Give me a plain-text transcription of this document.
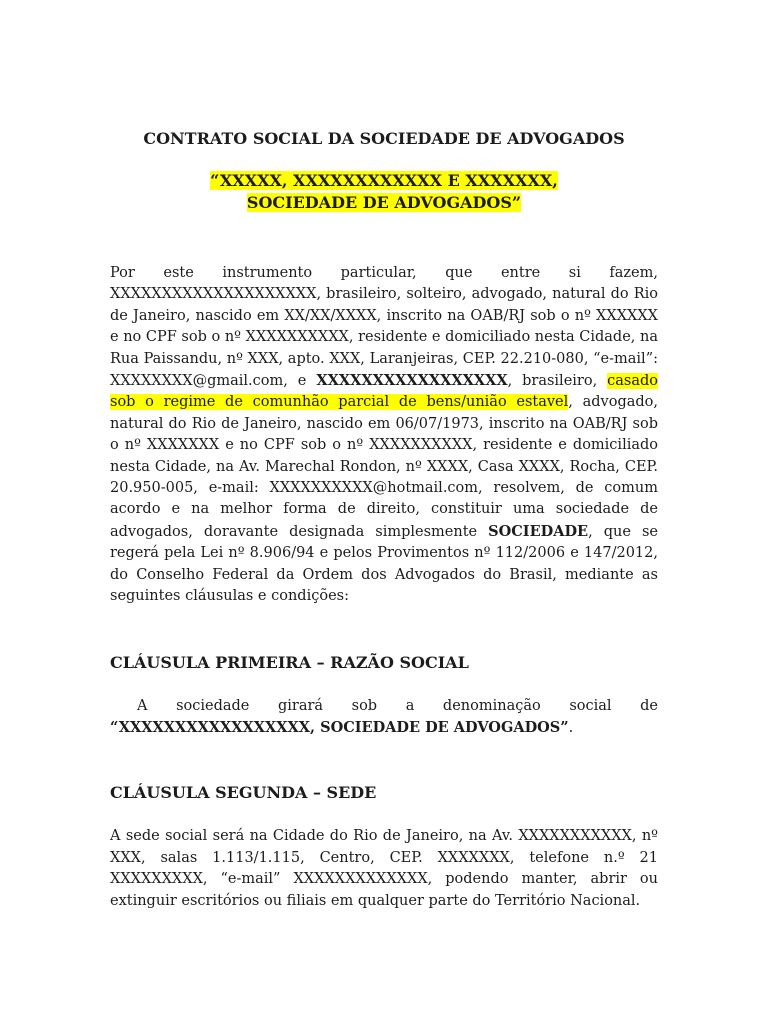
CONTRATO SOCIAL DA SOCIEDADE DE ADVOGADOS
“XXXXX, XXXXXXXXXXXX E XXXXXXX,
SOCIEDADE DE ADVOGADOS”

Por este instrumento particular, que entre si fazem, XXXXXXXXXXXXXXXXXXXX, brasileiro, solteiro, advogado, natural do Rio de Janeiro, nascido em XX/XX/XXXX, inscrito na OAB/RJ sob o nº XXXXXX e no CPF sob o nº XXXXXXXXXX, residente e domiciliado nesta Cidade, na Rua Paissandu, nº XXX, apto. XXX, Laranjeiras, CEP. 22.210-080, “e-mail”: XXXXXXXX@gmail.com, e XXXXXXXXXXXXXXXXX, brasileiro, casado sob o regime de comunhão parcial de bens/união estavel, advogado, natural do Rio de Janeiro, nascido em 06/07/1973, inscrito na OAB/RJ sob o nº XXXXXXX e no CPF sob o nº XXXXXXXXXX, residente e domiciliado nesta Cidade, na Av. Marechal Rondon, nº XXXX, Casa XXXX, Rocha, CEP. 20.950-005, e-mail: XXXXXXXXXX@hotmail.com, resolvem, de comum acordo e na melhor forma de direito, constituir uma sociedade de advogados, doravante designada simplesmente SOCIEDADE, que se regerá pela Lei nº 8.906/94 e pelos Provimentos nº 112/2006 e 147/2012, do Conselho Federal da Ordem dos Advogados do Brasil, mediante as seguintes cláusulas e condições:

CLÁUSULA PRIMEIRA – RAZÃO SOCIAL

A sociedade girará sob a denominação social de “XXXXXXXXXXXXXXXXX, SOCIEDADE DE ADVOGADOS”.

CLÁUSULA SEGUNDA – SEDE

A sede social será na Cidade do Rio de Janeiro, na Av. XXXXXXXXXXX, nº XXX, salas 1.113/1.115, Centro, CEP. XXXXXXX, telefone n.º 21 XXXXXXXXX, “e-mail” XXXXXXXXXXXXX, podendo manter, abrir ou extinguir escritórios ou filiais em qualquer parte do Território Nacional.
